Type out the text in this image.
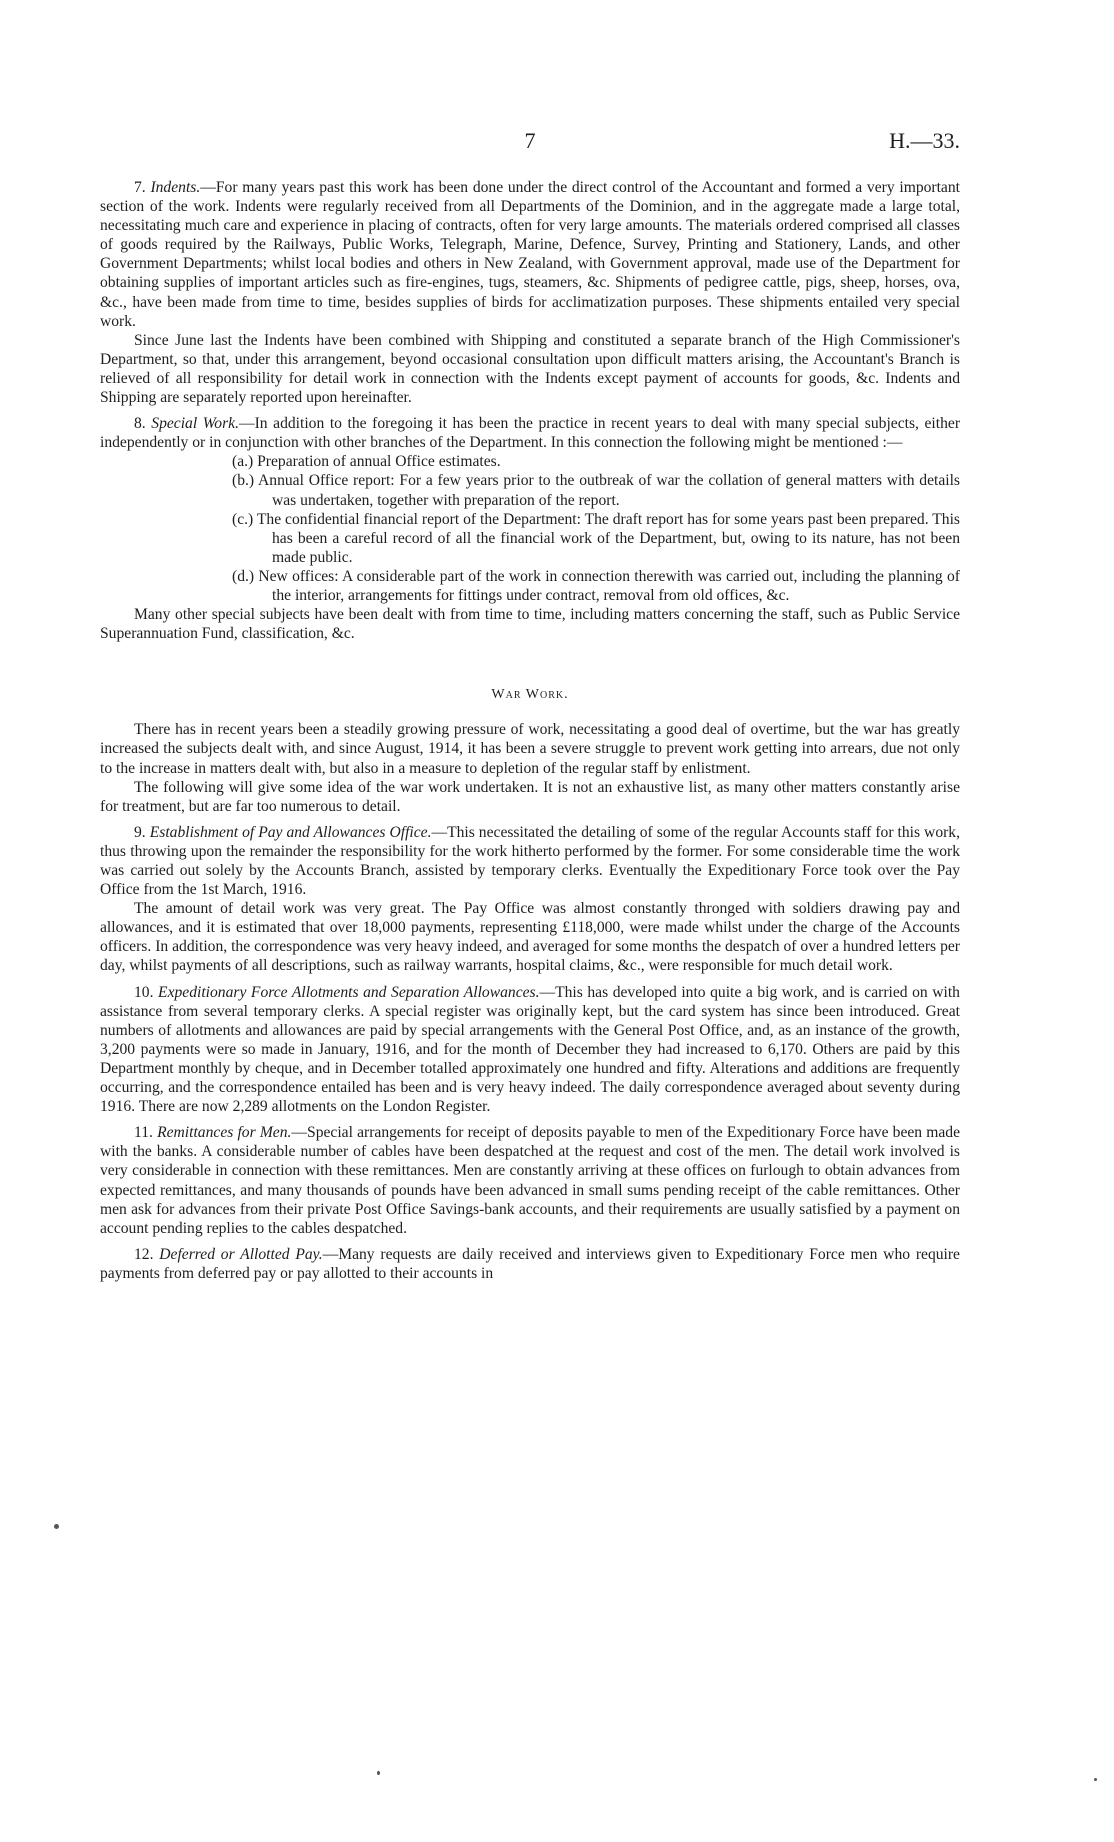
7	H.—33.

7. Indents.—For many years past this work has been done under the direct control of the Accountant and formed a very important section of the work. Indents were regularly received from all Departments of the Dominion, and in the aggregate made a large total, necessitating much care and experience in placing of contracts, often for very large amounts. The materials ordered comprised all classes of goods required by the Railways, Public Works, Telegraph, Marine, Defence, Survey, Printing and Stationery, Lands, and other Government Departments; whilst local bodies and others in New Zealand, with Government approval, made use of the Department for obtaining supplies of important articles such as fire-engines, tugs, steamers, &c. Shipments of pedigree cattle, pigs, sheep, horses, ova, &c., have been made from time to time, besides supplies of birds for acclimatization purposes. These shipments entailed very special work.

Since June last the Indents have been combined with Shipping and constituted a separate branch of the High Commissioner's Department, so that, under this arrangement, beyond occasional consultation upon difficult matters arising, the Accountant's Branch is relieved of all responsibility for detail work in connection with the Indents except payment of accounts for goods, &c. Indents and Shipping are separately reported upon hereinafter.

8. Special Work.—In addition to the foregoing it has been the practice in recent years to deal with many special subjects, either independently or in conjunction with other branches of the Department. In this connection the following might be mentioned :—

(a.) Preparation of annual Office estimates.
(b.) Annual Office report: For a few years prior to the outbreak of war the collation of general matters with details was undertaken, together with preparation of the report.
(c.) The confidential financial report of the Department: The draft report has for some years past been prepared. This has been a careful record of all the financial work of the Department, but, owing to its nature, has not been made public.
(d.) New offices: A considerable part of the work in connection therewith was carried out, including the planning of the interior, arrangements for fittings under contract, removal from old offices, &c.

Many other special subjects have been dealt with from time to time, including matters concerning the staff, such as Public Service Superannuation Fund, classification, &c.

War Work.

There has in recent years been a steadily growing pressure of work, necessitating a good deal of overtime, but the war has greatly increased the subjects dealt with, and since August, 1914, it has been a severe struggle to prevent work getting into arrears, due not only to the increase in matters dealt with, but also in a measure to depletion of the regular staff by enlistment.

The following will give some idea of the war work undertaken. It is not an exhaustive list, as many other matters constantly arise for treatment, but are far too numerous to detail.

9. Establishment of Pay and Allowances Office.—This necessitated the detailing of some of the regular Accounts staff for this work, thus throwing upon the remainder the responsibility for the work hitherto performed by the former. For some considerable time the work was carried out solely by the Accounts Branch, assisted by temporary clerks. Eventually the Expeditionary Force took over the Pay Office from the 1st March, 1916.

The amount of detail work was very great. The Pay Office was almost constantly thronged with soldiers drawing pay and allowances, and it is estimated that over 18,000 payments, representing £118,000, were made whilst under the charge of the Accounts officers. In addition, the correspondence was very heavy indeed, and averaged for some months the despatch of over a hundred letters per day, whilst payments of all descriptions, such as railway warrants, hospital claims, &c., were responsible for much detail work.

10. Expeditionary Force Allotments and Separation Allowances.—This has developed into quite a big work, and is carried on with assistance from several temporary clerks. A special register was originally kept, but the card system has since been introduced. Great numbers of allotments and allowances are paid by special arrangements with the General Post Office, and, as an instance of the growth, 3,200 payments were so made in January, 1916, and for the month of December they had increased to 6,170. Others are paid by this Department monthly by cheque, and in December totalled approximately one hundred and fifty. Alterations and additions are frequently occurring, and the correspondence entailed has been and is very heavy indeed. The daily correspondence averaged about seventy during 1916. There are now 2,289 allotments on the London Register.

11. Remittances for Men.—Special arrangements for receipt of deposits payable to men of the Expeditionary Force have been made with the banks. A considerable number of cables have been despatched at the request and cost of the men. The detail work involved is very considerable in connection with these remittances. Men are constantly arriving at these offices on furlough to obtain advances from expected remittances, and many thousands of pounds have been advanced in small sums pending receipt of the cable remittances. Other men ask for advances from their private Post Office Savings-bank accounts, and their requirements are usually satisfied by a payment on account pending replies to the cables despatched.

12. Deferred or Allotted Pay.—Many requests are daily received and interviews given to Expeditionary Force men who require payments from deferred pay or pay allotted to their accounts in
